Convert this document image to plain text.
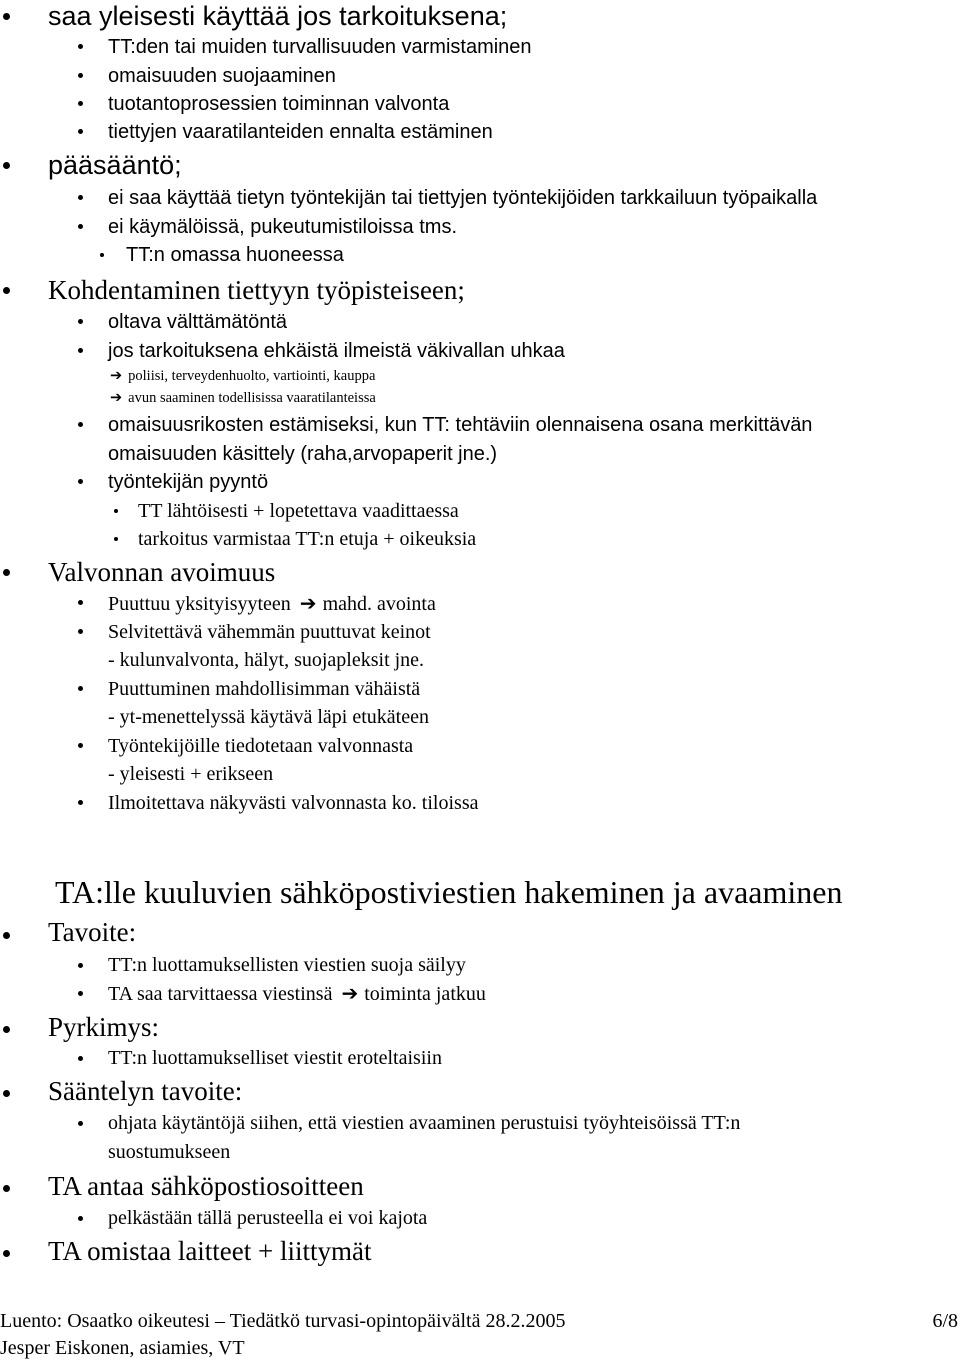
saa yleisesti käyttää jos tarkoituksena;
TT:den tai muiden turvallisuuden varmistaminen
omaisuuden suojaaminen
tuotantoprosessien toiminnan valvonta
tiettyjen vaaratilanteiden ennalta estäminen
pääsääntö;
ei saa käyttää tietyn työntekijän tai tiettyjen työntekijöiden tarkkailuun työpaikalla
ei käymälöissä, pukeutumistiloissa tms.
TT:n omassa huoneessa
Kohdentaminen tiettyyn työpisteiseen;
oltava välttämätöntä
jos tarkoituksena ehkäistä ilmeistä väkivallan uhkaa
➔ poliisi, terveydenhuolto, vartiointi, kauppa
➔ avun saaminen todellisissa vaaratilanteissa
omaisuusrikosten estämiseksi, kun TT: tehtäviin olennaisena osana merkittävän
omaisuuden käsittely (raha,arvopaperit jne.)
työntekijän pyyntö
TT lähtöisesti + lopetettava vaadittaessa
tarkoitus varmistaa TT:n etuja + oikeuksia
Valvonnan avoimuus
Puuttuu yksityisyyteen ➔ mahd. avointa
Selvitettävä vähemmän puuttuvat keinot
- kulunvalvonta, hälyt, suojapleksit jne.
Puuttuminen mahdollisimman vähäistä
- yt-menettelyssä käytävä läpi etukäteen
Työntekijöille tiedotetaan valvonnasta
- yleisesti + erikseen
Ilmoitettava näkyvästi valvonnasta ko. tiloissa
TA:lle kuuluvien sähköpostiviestien hakeminen ja avaaminen
Tavoite:
TT:n luottamuksellisten viestien suoja säilyy
TA saa tarvittaessa viestinsä ➔ toiminta jatkuu
Pyrkimys:
TT:n luottamukselliset viestit eroteltaisiin
Sääntelyn tavoite:
ohjata käytäntöjä siihen, että viestien avaaminen perustuisi työyhteisöissä TT:n
suostumukseen
TA antaa sähköpostiosoitteen
pelkästään tällä perusteella ei voi kajota
TA omistaa laitteet + liittymät
Luento: Osaatko oikeutesi – Tiedätkö turvasi-opintopäivältä 28.2.2005	6/8
Jesper Eiskonen, asiamies, VT
